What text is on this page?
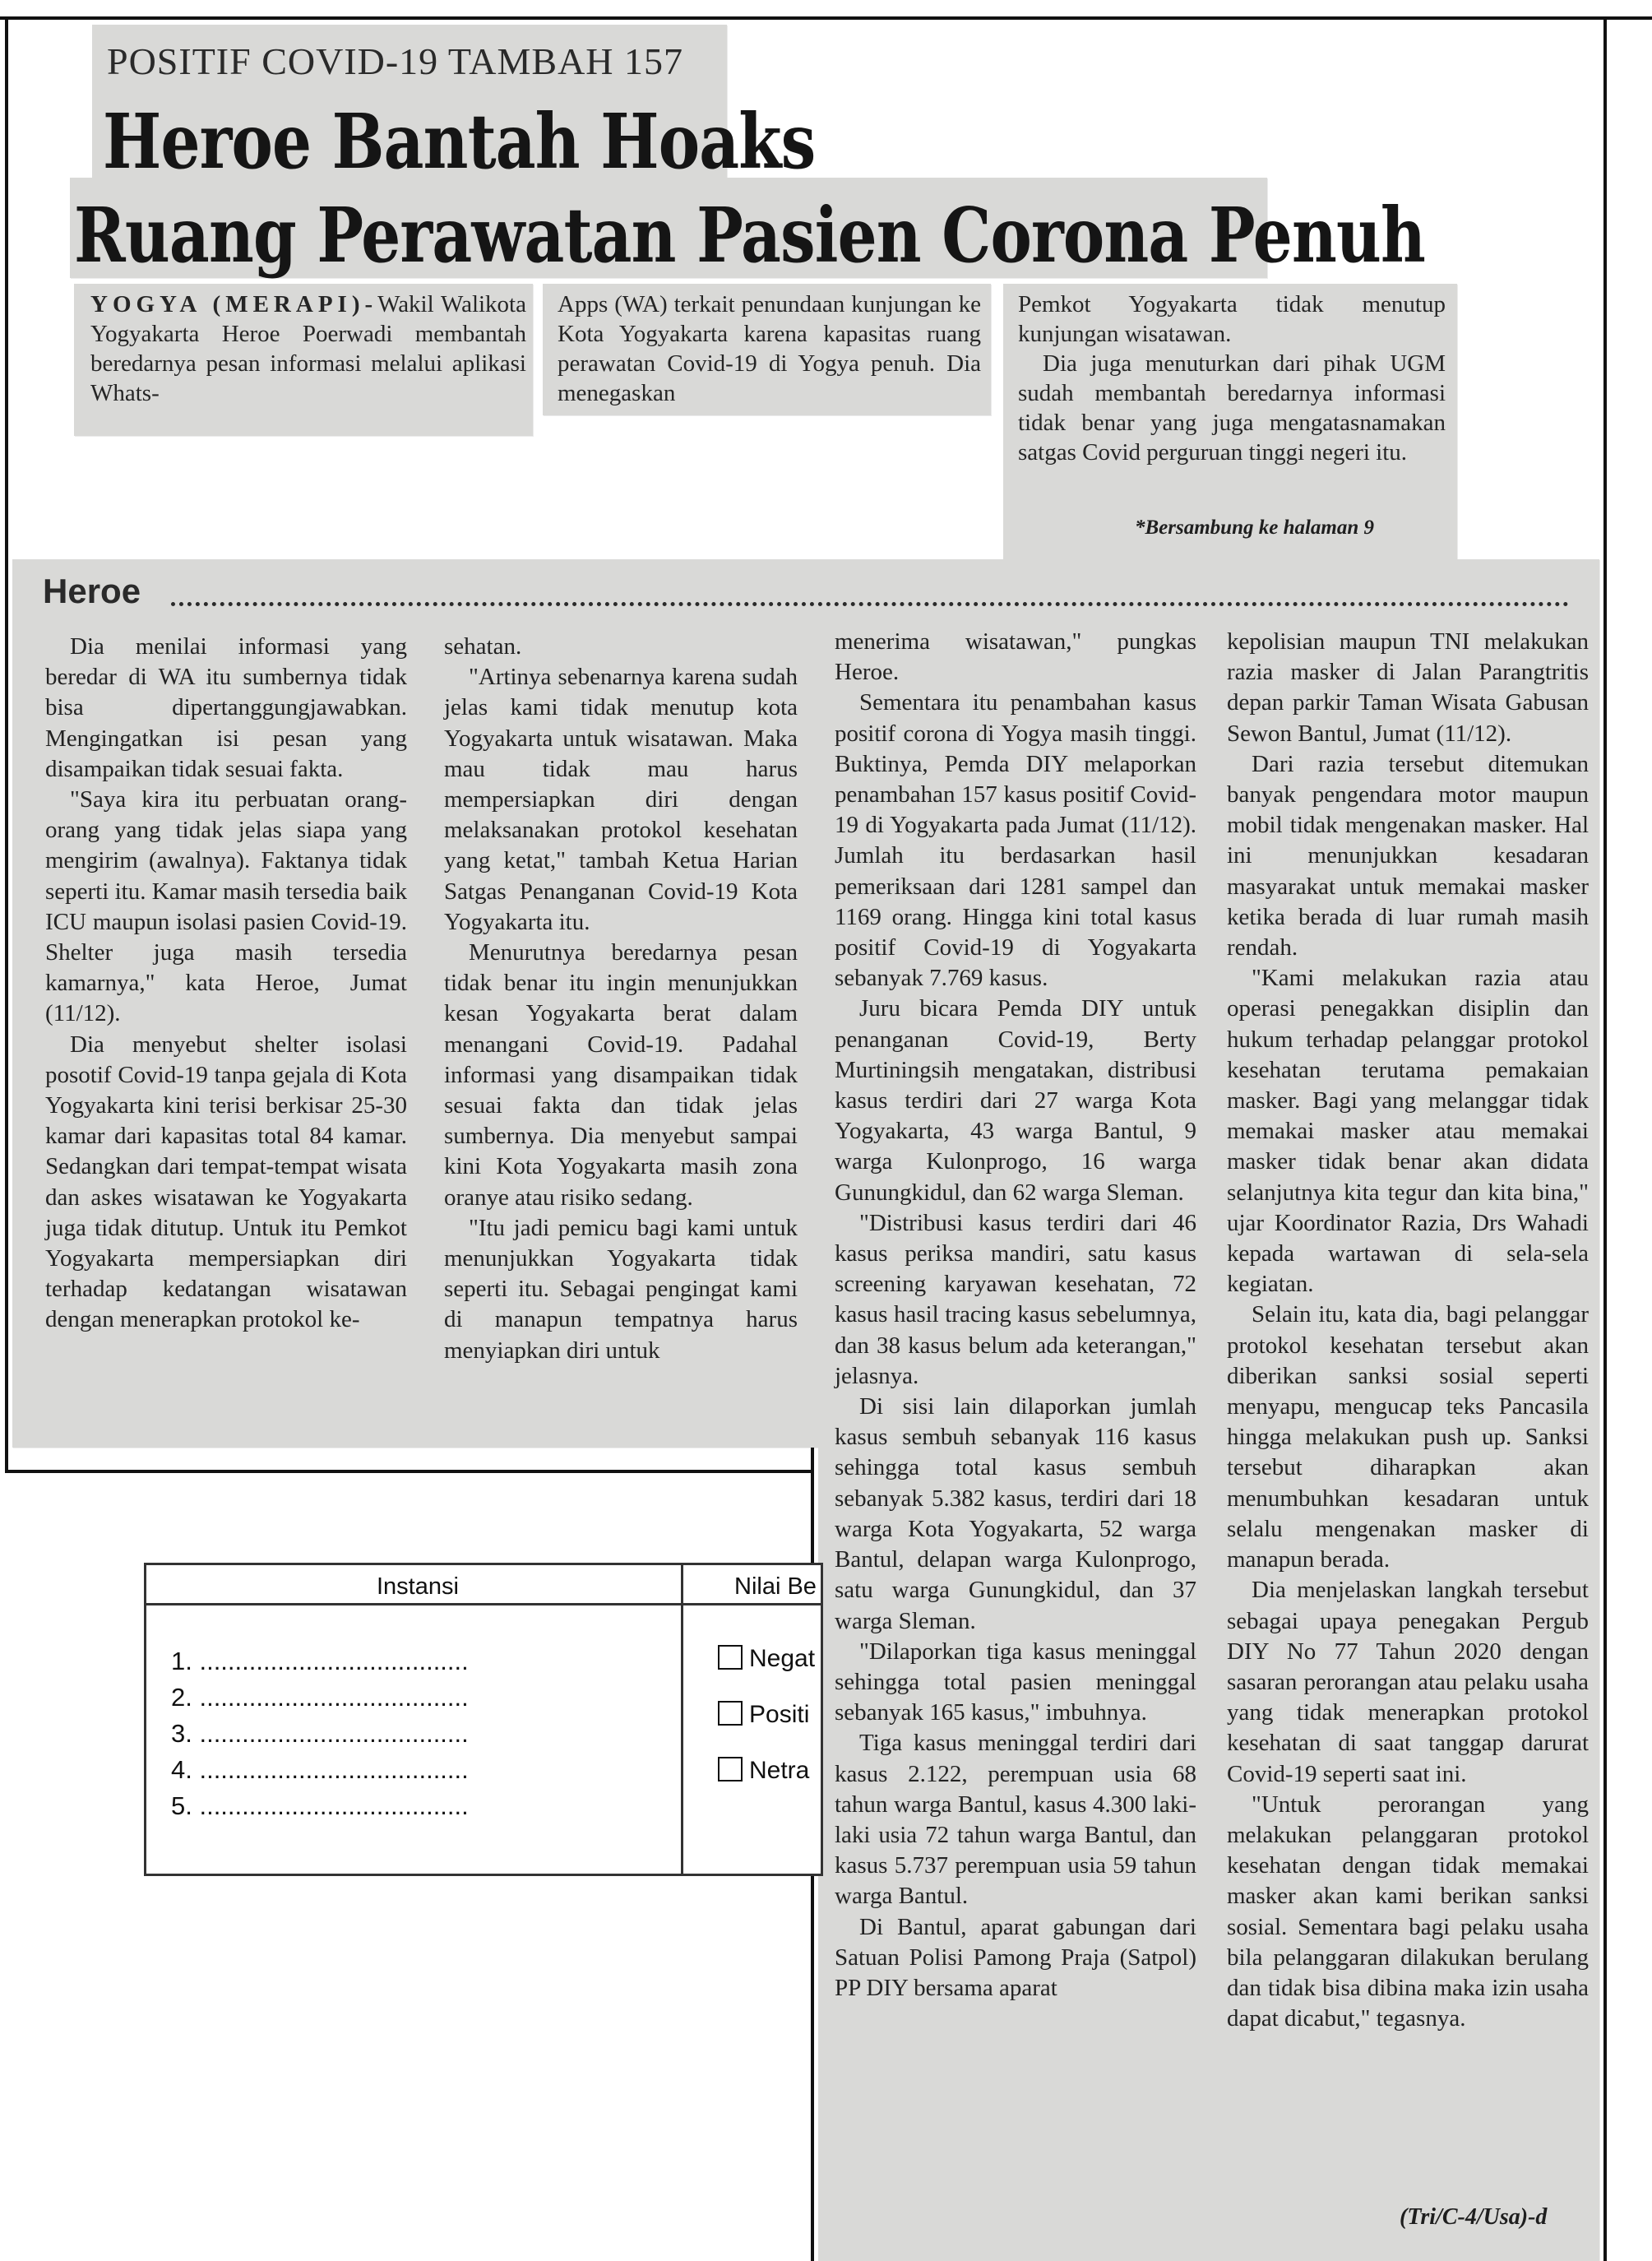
POSITIF COVID-19 TAMBAH 157
Heroe Bantah Hoaks
Ruang Perawatan Pasien Corona Penuh
YOGYA (MERAPI)-Wakil Walikota Yogyakarta Heroe Poerwadi membantah beredarnya pesan informasi melalui aplikasi Whats-
Apps (WA) terkait penundaan kunjungan ke Kota Yogyakarta karena kapasitas ruang perawatan Covid-19 di Yogya penuh. Dia menegaskan
Pemkot Yogyakarta tidak menutup kunjungan wisatawan.
Dia juga menuturkan dari pihak UGM sudah membantah beredarnya informasi tidak benar yang juga mengatasnamakan satgas Covid perguruan tinggi negeri itu.
*Bersambung ke halaman 9
Heroe

Dia menilai informasi yang beredar di WA itu sumbernya tidak bisa dipertanggungjawabkan. Mengingatkan isi pesan yang disampaikan tidak sesuai fakta.

"Saya kira itu perbuatan orang-orang yang tidak jelas siapa yang mengirim (awalnya). Faktanya tidak seperti itu. Kamar masih tersedia baik ICU maupun isolasi pasien Covid-19. Shelter juga masih tersedia kamarnya," kata Heroe, Jumat (11/12).

Dia menyebut shelter isolasi posotif Covid-19 tanpa gejala di Kota Yogyakarta kini terisi berkisar 25-30 kamar dari kapasitas total 84 kamar. Sedangkan dari tempat-tempat wisata dan askes wisatawan ke Yogyakarta juga tidak ditutup. Untuk itu Pemkot Yogyakarta mempersiapkan diri terhadap kedatangan wisatawan dengan menerapkan protokol ke-

sehatan.

"Artinya sebenarnya karena sudah jelas kami tidak menutup kota Yogyakarta untuk wisatawan. Maka mau tidak mau harus mempersiapkan diri dengan melaksanakan protokol kesehatan yang ketat," tambah Ketua Harian Satgas Penanganan Covid-19 Kota Yogyakarta itu.

Menurutnya beredarnya pesan tidak benar itu ingin menunjukkan kesan Yogyakarta berat dalam menangani Covid-19. Padahal informasi yang disampaikan tidak sesuai fakta dan tidak jelas sumbernya. Dia menyebut sampai kini Kota Yogyakarta masih zona oranye atau risiko sedang.

"Itu jadi pemicu bagi kami untuk menunjukkan Yogyakarta tidak seperti itu. Sebagai pengingat kami di manapun tempatnya harus menyiapkan diri untuk

menerima wisatawan," pungkas Heroe.

Sementara itu penambahan kasus positif corona di Yogya masih tinggi. Buktinya, Pemda DIY melaporkan penambahan 157 kasus positif Covid-19 di Yogyakarta pada Jumat (11/12). Jumlah itu berdasarkan hasil pemeriksaan dari 1281 sampel dan 1169 orang. Hingga kini total kasus positif Covid-19 di Yogyakarta sebanyak 7.769 kasus.

Juru bicara Pemda DIY untuk penanganan Covid-19, Berty Murtiningsih mengatakan, distribusi kasus terdiri dari 27 warga Kota Yogyakarta, 43 warga Bantul, 9 warga Kulonprogo, 16 warga Gunungkidul, dan 62 warga Sleman.

"Distribusi kasus terdiri dari 46 kasus periksa mandiri, satu kasus screening karyawan kesehatan, 72 kasus hasil tracing kasus sebelumnya, dan 38 kasus belum ada keterangan," jelasnya.

Di sisi lain dilaporkan jumlah kasus sembuh sebanyak 116 kasus sehingga total kasus sembuh sebanyak 5.382 kasus, terdiri dari 18 warga Kota Yogyakarta, 52 warga Bantul, delapan warga Kulonprogo, satu warga Gunungkidul, dan 37 warga Sleman.

"Dilaporkan tiga kasus meninggal sehingga total pasien meninggal sebanyak 165 kasus," imbuhnya.

Tiga kasus meninggal terdiri dari kasus 2.122, perempuan usia 68 tahun warga Bantul, kasus 4.300 laki-laki usia 72 tahun warga Bantul, dan kasus 5.737 perempuan usia 59 tahun warga Bantul.

Di Bantul, aparat gabungan dari Satuan Polisi Pamong Praja (Satpol) PP DIY bersama aparat

kepolisian maupun TNI melakukan razia masker di Jalan Parangtritis depan parkir Taman Wisata Gabusan Sewon Bantul, Jumat (11/12).

Dari razia tersebut ditemukan banyak pengendara motor maupun mobil tidak mengenakan masker. Hal ini menunjukkan kesadaran masyarakat untuk memakai masker ketika berada di luar rumah masih rendah.

"Kami melakukan razia atau operasi penegakkan disiplin dan hukum terhadap pelanggar protokol kesehatan terutama pemakaian masker. Bagi yang melanggar tidak memakai masker atau memakai masker tidak benar akan didata selanjutnya kita tegur dan kita bina," ujar Koordinator Razia, Drs Wahadi kepada wartawan di sela-sela kegiatan.

Selain itu, kata dia, bagi pelanggar protokol kesehatan tersebut akan diberikan sanksi sosial seperti menyapu, mengucap teks Pancasila hingga melakukan push up. Sanksi tersebut diharapkan akan menumbuhkan kesadaran untuk selalu mengenakan masker di manapun berada.

Dia menjelaskan langkah tersebut sebagai upaya penegakan Pergub DIY No 77 Tahun 2020 dengan sasaran perorangan atau pelaku usaha yang tidak menerapkan protokol kesehatan di saat tanggap darurat Covid-19 seperti saat ini.

"Untuk perorangan yang melakukan pelanggaran protokol kesehatan dengan tidak memakai masker akan kami berikan sanksi sosial. Sementara bagi pelaku usaha bila pelanggaran dilakukan berulang dan tidak bisa dibina maka izin usaha dapat dicabut," tegasnya.

(Tri/C-4/Usa)-d
Instansi	Nilai Be
1. ......................................
2. ......................................
3. ......................................
4. ......................................
5. ......................................
Negat
Positi
Netra
